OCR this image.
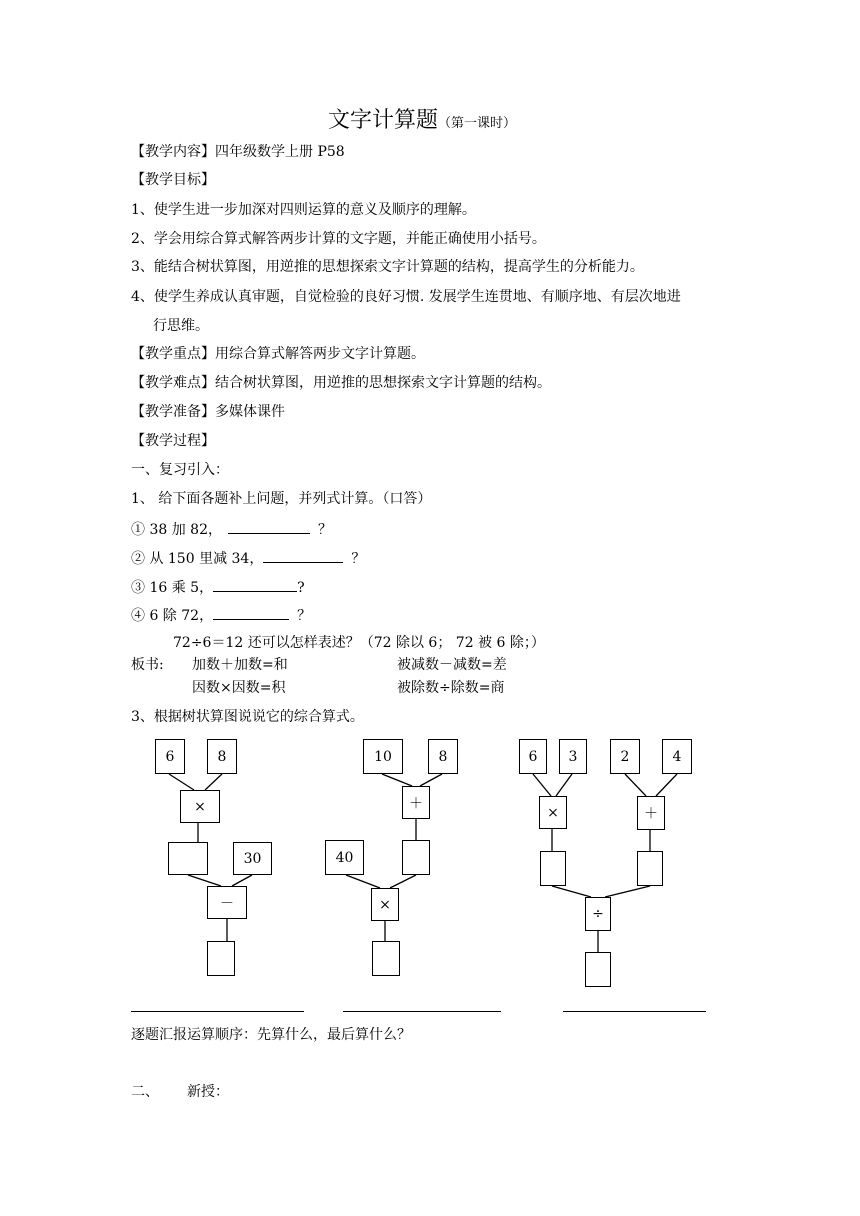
文字计算题（第一课时）
【教学内容】四年级数学上册 P58
【教学目标】
1、使学生进一步加深对四则运算的意义及顺序的理解。
2、学会用综合算式解答两步计算的文字题，并能正确使用小括号。
3、能结合树状算图，用逆推的思想探索文字计算题的结构，提高学生的分析能力。
4、使学生养成认真审题，自觉检验的良好习惯. 发展学生连贯地、有顺序地、有层次地进
行思维。
【教学重点】用综合算式解答两步文字计算题。
【教学难点】结合树状算图，用逆推的思想探索文字计算题的结构。
【教学准备】多媒体课件
【教学过程】
一、复习引入：
1、 给下面各题补上问题，并列式计算。（口答）
① 38 加 82，	？
② 从 150 里减 34，	？
③ 16 乘 5，	?
④ 6 除 72，	？
72÷6＝12 还可以怎样表述？（72 除以 6； 72 被 6 除；）
板书: 加数＋加数=和	被减数－减数=差
因数×因数=积	被除数÷除数=商
3、根据树状算图说说它的综合算式。
6	8
×
30
－
10	8
＋
40
×
6	3	2	4
×	＋
÷
逐题汇报运算顺序：先算什么，最后算什么？
二、 新授：
